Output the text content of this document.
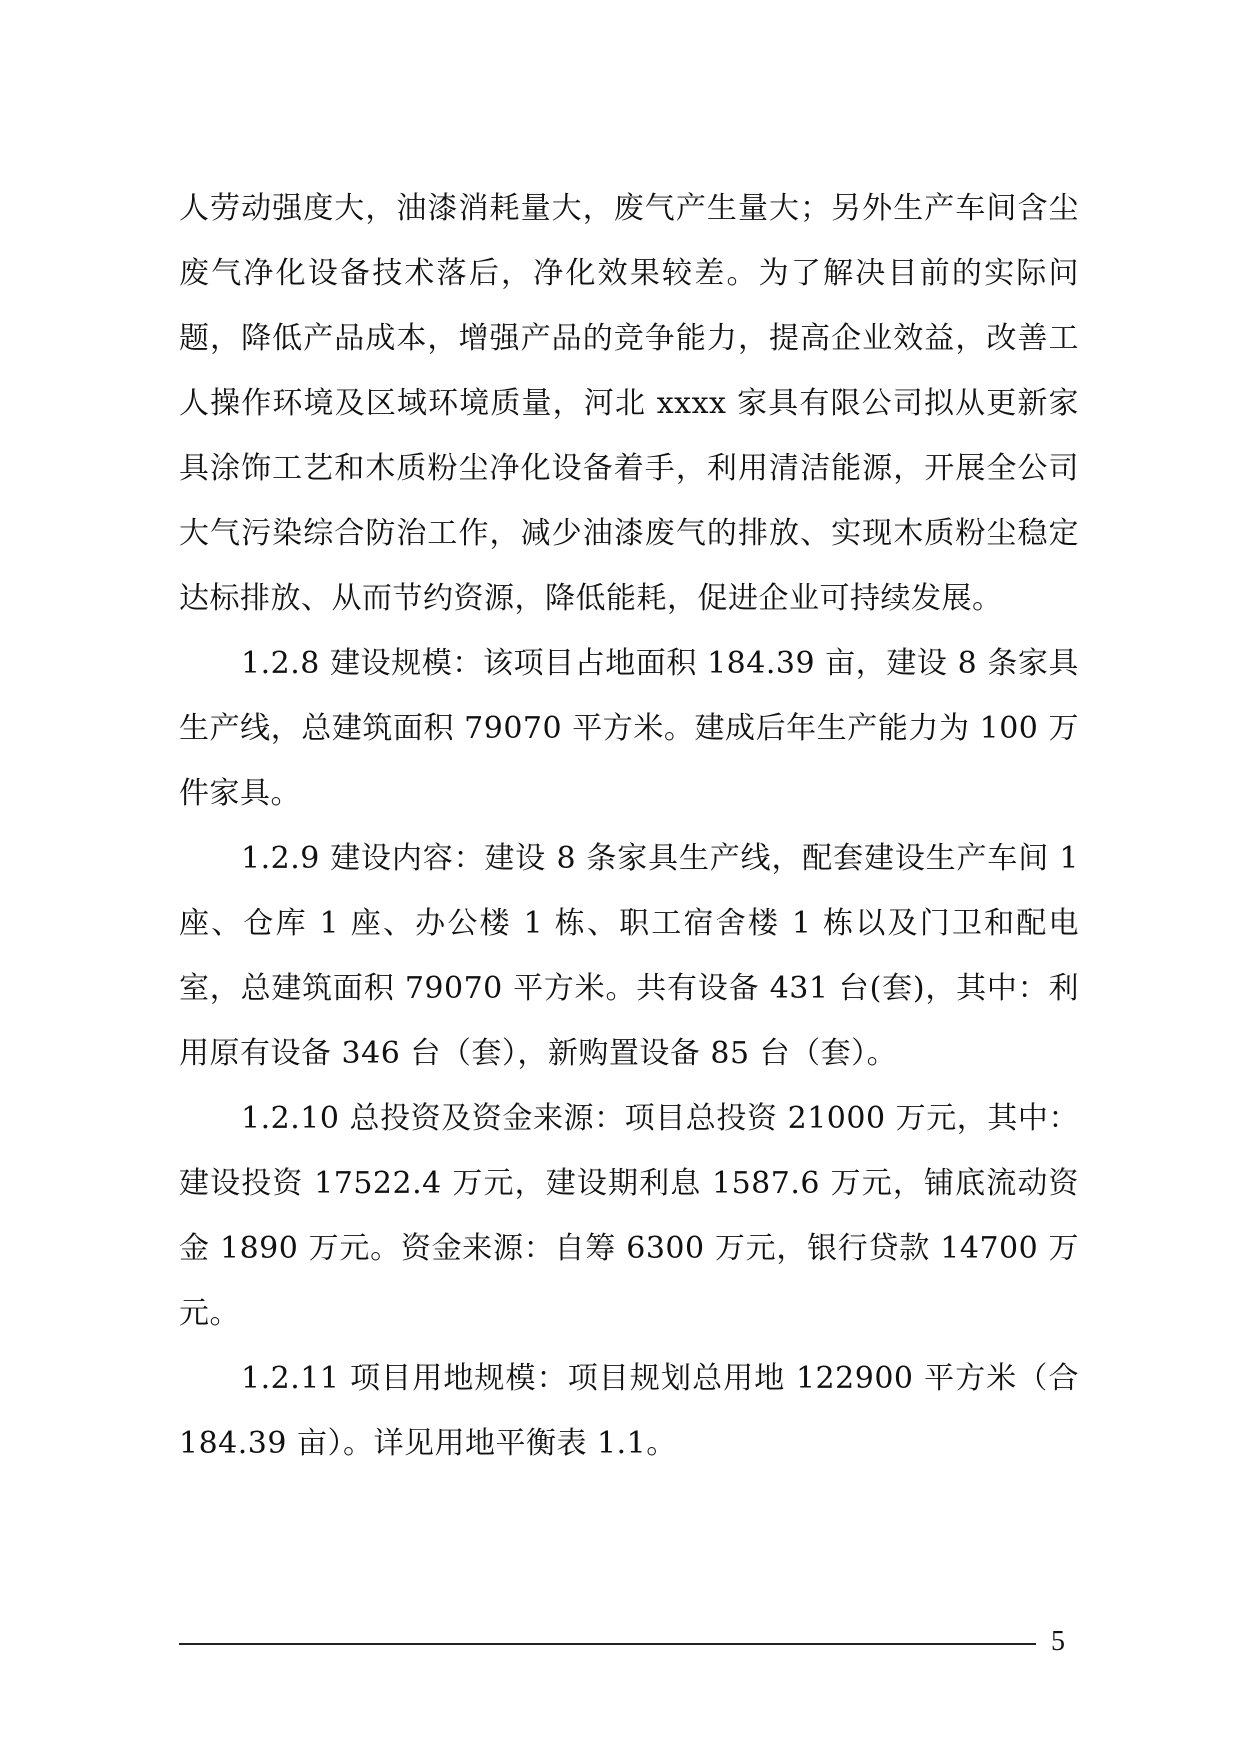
人劳动强度大，油漆消耗量大，废气产生量大；另外生产车间含尘废气净化设备技术落后，净化效果较差。为了解决目前的实际问题，降低产品成本，增强产品的竞争能力，提高企业效益，改善工人操作环境及区域环境质量，河北 xxxx 家具有限公司拟从更新家具涂饰工艺和木质粉尘净化设备着手，利用清洁能源，开展全公司大气污染综合防治工作，减少油漆废气的排放、实现木质粉尘稳定达标排放、从而节约资源，降低能耗，促进企业可持续发展。

1.2.8 建设规模：该项目占地面积 184.39 亩，建设 8 条家具生产线，总建筑面积 79070 平方米。建成后年生产能力为 100 万件家具。

1.2.9 建设内容：建设 8 条家具生产线，配套建设生产车间 1 座、仓库 1 座、办公楼 1 栋、职工宿舍楼 1 栋以及门卫和配电室，总建筑面积 79070 平方米。共有设备 431 台(套)，其中：利用原有设备 346 台（套），新购置设备 85 台（套）。

1.2.10 总投资及资金来源：项目总投资 21000 万元，其中：建设投资 17522.4 万元，建设期利息 1587.6 万元，铺底流动资金 1890 万元。资金来源：自筹 6300 万元，银行贷款 14700 万元。

1.2.11 项目用地规模：项目规划总用地 122900 平方米（合 184.39 亩）。详见用地平衡表 1.1。

5
